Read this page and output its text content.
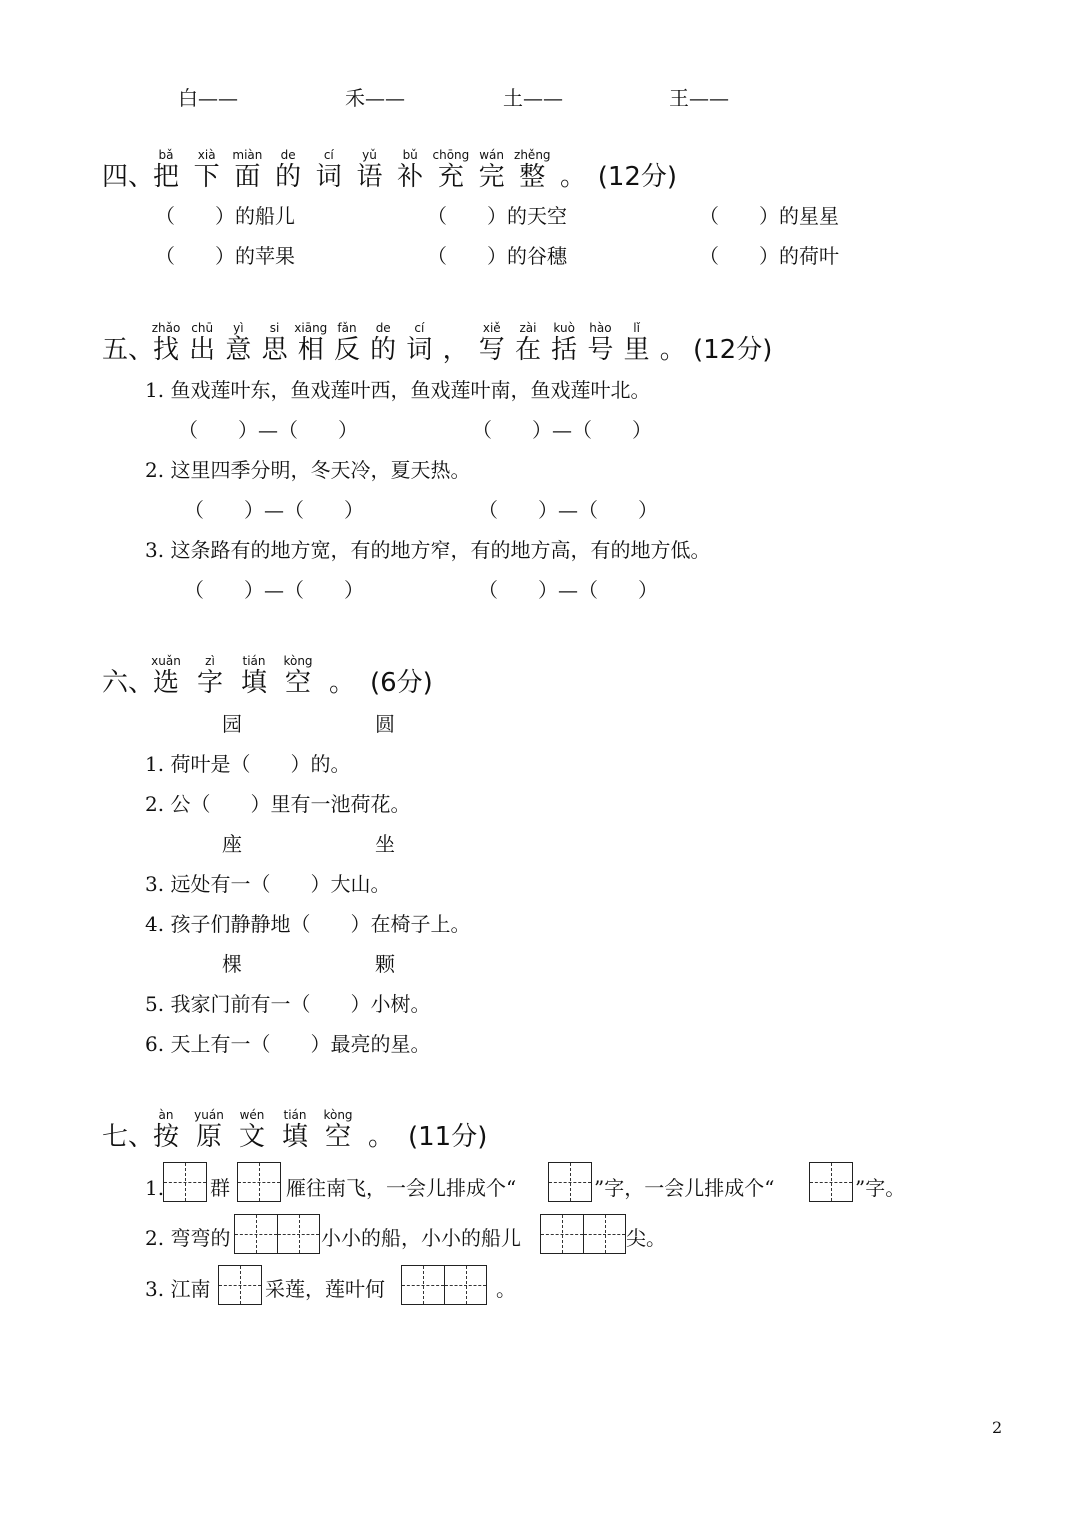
白——	禾——	土——	王——
四、	(12分)
bǎ
把
xià
下
miàn
面
de
的
cí
词
yǔ
语
bǔ
补
chōng
充
wán
完
zhěng
整
。
（　　）的船儿	（　　）的天空	（　　）的星星
（　　）的苹果	（　　）的谷穗	（　　）的荷叶
五、	(12分)
zhǎo
找
chū
出
yì
意
si
思
xiāng
相
fǎn
反
de
的
cí
词
，
xiě
写
zài
在
kuò
括
hào
号
lǐ
里
。
1. 鱼戏莲叶东，鱼戏莲叶西，鱼戏莲叶南，鱼戏莲叶北。
（　　）—（　　）	（　　）—（　　）
2. 这里四季分明，冬天冷，夏天热。
（　　）—（　　）	（　　）—（　　）
3. 这条路有的地方宽，有的地方窄，有的地方高，有的地方低。
（　　）—（　　）	（　　）—（　　）
六、	(6分)
xuǎn
选
zì
字
tián
填
kòng
空
。
园	圆
1. 荷叶是（　　）的。
2. 公（　　）里有一池荷花。
座	坐
3. 远处有一（　　）大山。
4. 孩子们静静地（　　）在椅子上。
棵	颗
5. 我家门前有一（　　）小树。
6. 天上有一（　　）最亮的星。
七、	(11分)
àn
按
yuán
原
wén
文
tián
填
kòng
空
。
1. 群	雁往南飞，一会儿排成个“	”字，一会儿排成个“	”字。
2. 弯弯的	小小的船，小小的船儿	尖。
3. 江南	采莲，莲叶何	。
2
